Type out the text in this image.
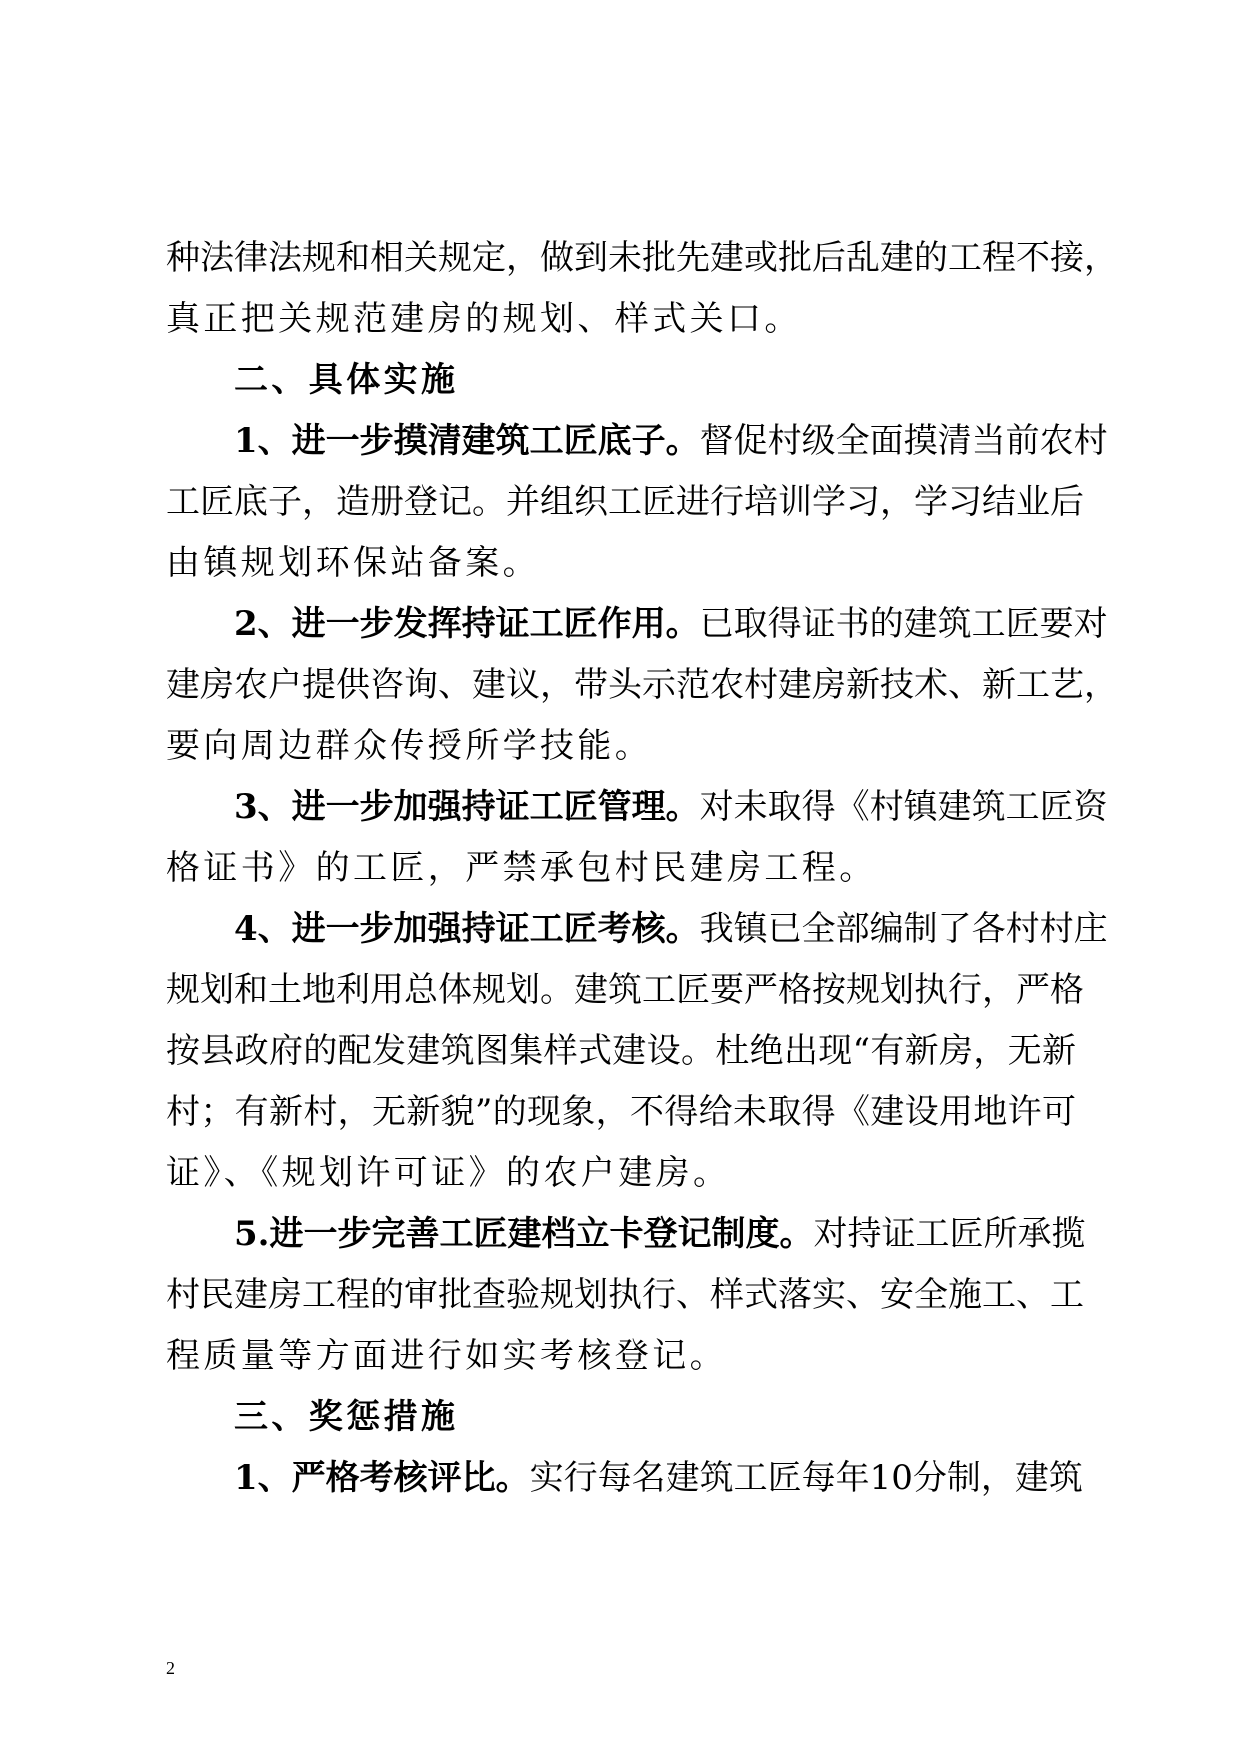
种法律法规和相关规定，做到未批先建或批后乱建的工程不接，
真正把关规范建房的规划、样式关口。
二、具体实施
1、进一步摸清建筑工匠底子。督促村级全面摸清当前农村
工匠底子，造册登记。并组织工匠进行培训学习，学习结业后
由镇规划环保站备案。
2、进一步发挥持证工匠作用。已取得证书的建筑工匠要对
建房农户提供咨询、建议，带头示范农村建房新技术、新工艺，
要向周边群众传授所学技能。
3、进一步加强持证工匠管理。对未取得《村镇建筑工匠资
格证书》的工匠，严禁承包村民建房工程。
4、进一步加强持证工匠考核。我镇已全部编制了各村村庄
规划和土地利用总体规划。建筑工匠要严格按规划执行，严格
按县政府的配发建筑图集样式建设。杜绝出现“有新房，无新
村；有新村，无新貌”的现象，不得给未取得《建设用地许可
证》、《规划许可证》的农户建房。
5.进一步完善工匠建档立卡登记制度。对持证工匠所承揽
村民建房工程的审批查验规划执行、样式落实、安全施工、工
程质量等方面进行如实考核登记。
三、奖惩措施
1、严格考核评比。实行每名建筑工匠每年10分制，建筑
2
